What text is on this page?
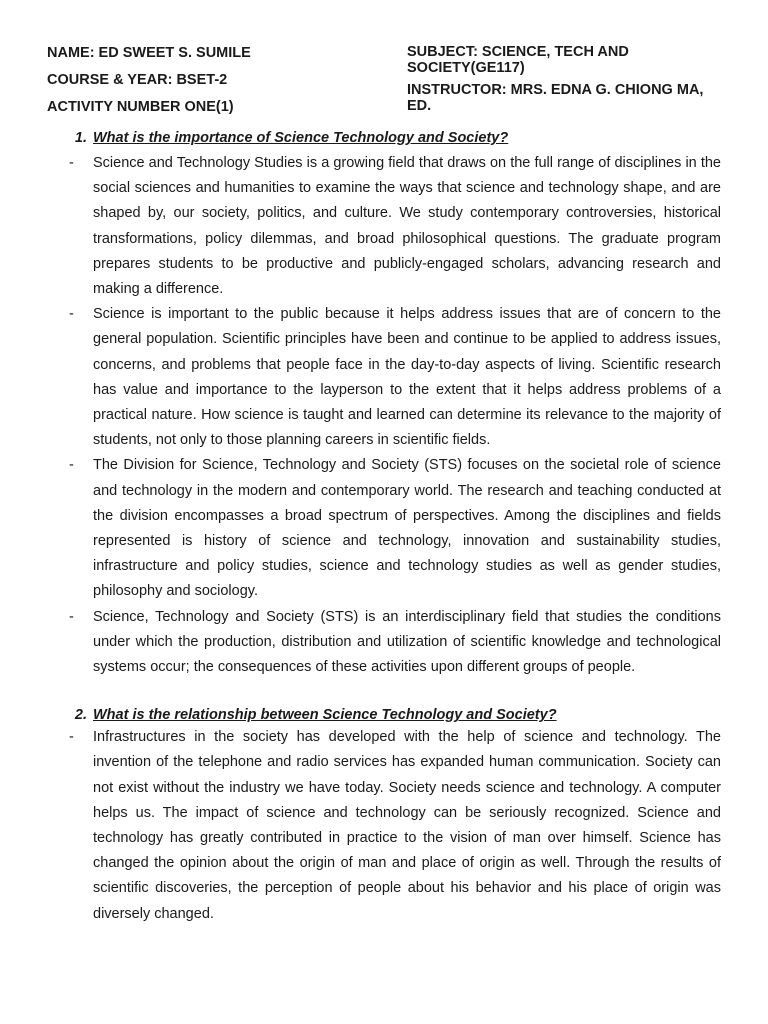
NAME: ED SWEET S. SUMILE
COURSE & YEAR: BSET-2
ACTIVITY NUMBER ONE(1)
SUBJECT: SCIENCE, TECH AND SOCIETY(GE117)
INSTRUCTOR: MRS. EDNA G. CHIONG MA, ED.
1. What is the importance of Science Technology and Society?
-	Science and Technology Studies is a growing field that draws on the full range of disciplines in the social sciences and humanities to examine the ways that science and technology shape, and are shaped by, our society, politics, and culture. We study contemporary controversies, historical transformations, policy dilemmas, and broad philosophical questions. The graduate program prepares students to be productive and publicly-engaged scholars, advancing research and making a difference.
-	Science is important to the public because it helps address issues that are of concern to the general population. Scientific principles have been and continue to be applied to address issues, concerns, and problems that people face in the day-to-day aspects of living. Scientific research has value and importance to the layperson to the extent that it helps address problems of a practical nature. How science is taught and learned can determine its relevance to the majority of students, not only to those planning careers in scientific fields.
-	The Division for Science, Technology and Society (STS) focuses on the societal role of science and technology in the modern and contemporary world. The research and teaching conducted at the division encompasses a broad spectrum of perspectives. Among the disciplines and fields represented is history of science and technology, innovation and sustainability studies, infrastructure and policy studies, science and technology studies as well as gender studies, philosophy and sociology.
-	Science, Technology and Society (STS) is an interdisciplinary field that studies the conditions under which the production, distribution and utilization of scientific knowledge and technological systems occur; the consequences of these activities upon different groups of people.
2. What is the relationship between Science Technology and Society?
-	Infrastructures in the society has developed with the help of science and technology. The invention of the telephone and radio services has expanded human communication. Society can not exist without the industry we have today. Society needs science and technology. A computer helps us. The impact of science and technology can be seriously recognized. Science and technology has greatly contributed in practice to the vision of man over himself. Science has changed the opinion about the origin of man and place of origin as well. Through the results of scientific discoveries, the perception of people about his behavior and his place of origin was diversely changed.
